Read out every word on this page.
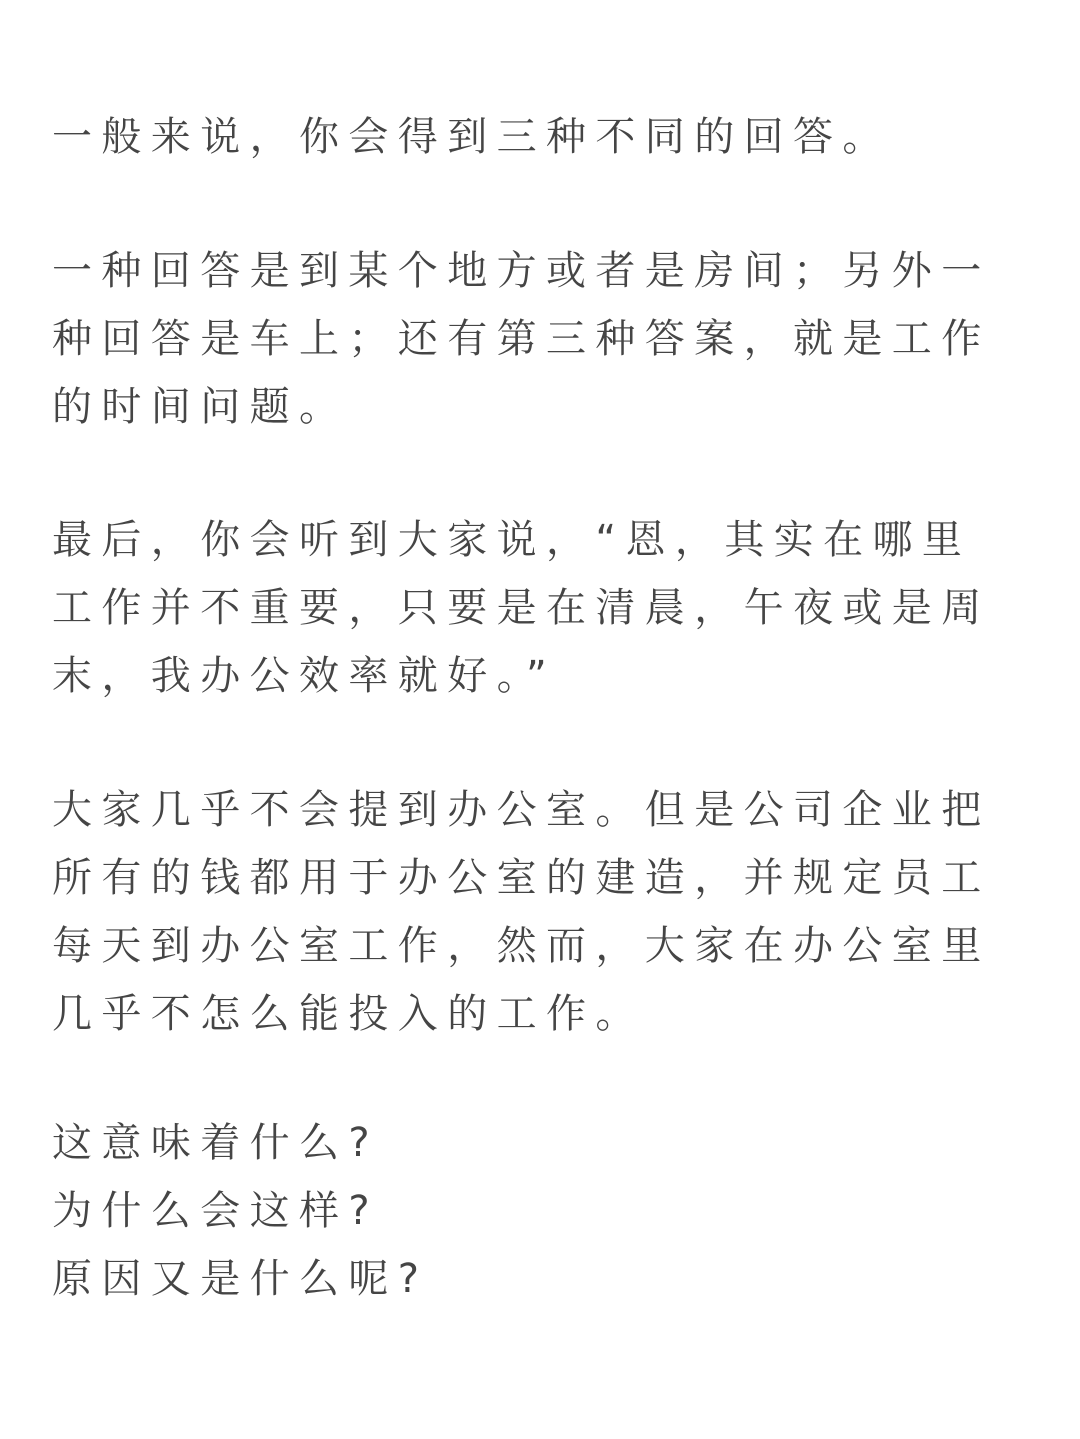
一般来说，你会得到三种不同的回答。

一种回答是到某个地方或者是房间；另外一
种回答是车上；还有第三种答案，就是工作
的时间问题。

最后，你会听到大家说，“恩，其实在哪里
工作并不重要，只要是在清晨，午夜或是周
末，我办公效率就好。”

大家几乎不会提到办公室。但是公司企业把
所有的钱都用于办公室的建造，并规定员工
每天到办公室工作，然而，大家在办公室里
几乎不怎么能投入的工作。

这意味着什么?
为什么会这样?
原因又是什么呢?
